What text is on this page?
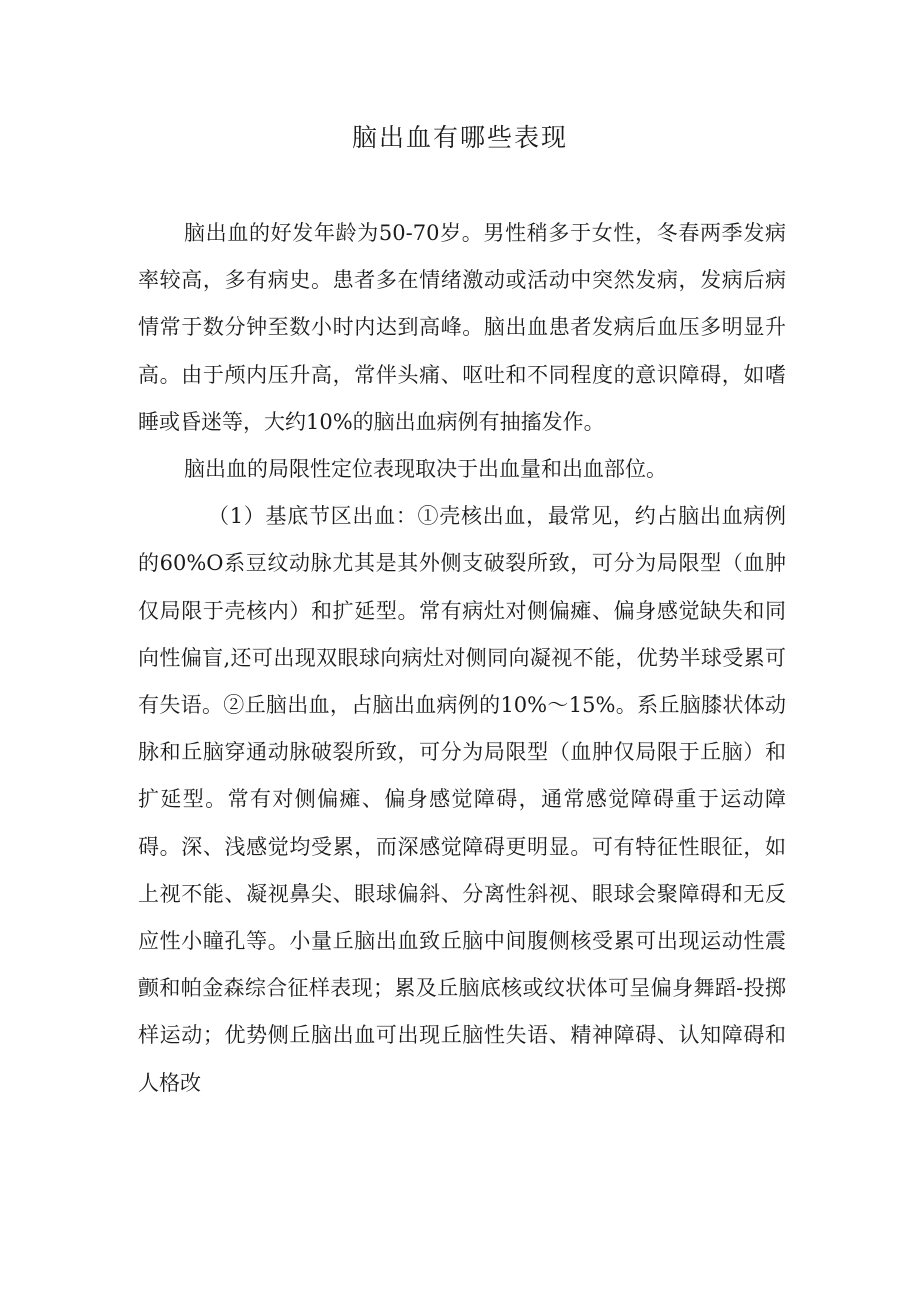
脑出血有哪些表现

脑出血的好发年龄为50-70岁。男性稍多于女性，冬春两季发病率较高，多有病史。患者多在情绪激动或活动中突然发病，发病后病情常于数分钟至数小时内达到高峰。脑出血患者发病后血压多明显升高。由于颅内压升高，常伴头痛、呕吐和不同程度的意识障碍，如嗜睡或昏迷等，大约10%的脑出血病例有抽搐发作。

脑出血的局限性定位表现取决于出血量和出血部位。

（1）基底节区出血：①壳核出血，最常见，约占脑出血病例的60%O系豆纹动脉尤其是其外侧支破裂所致，可分为局限型（血肿仅局限于壳核内）和扩延型。常有病灶对侧偏瘫、偏身感觉缺失和同向性偏盲,还可出现双眼球向病灶对侧同向凝视不能，优势半球受累可有失语。②丘脑出血，占脑出血病例的10%～15%。系丘脑膝状体动脉和丘脑穿通动脉破裂所致，可分为局限型（血肿仅局限于丘脑）和扩延型。常有对侧偏瘫、偏身感觉障碍，通常感觉障碍重于运动障碍。深、浅感觉均受累，而深感觉障碍更明显。可有特征性眼征，如上视不能、凝视鼻尖、眼球偏斜、分离性斜视、眼球会聚障碍和无反应性小瞳孔等。小量丘脑出血致丘脑中间腹侧核受累可出现运动性震颤和帕金森综合征样表现；累及丘脑底核或纹状体可呈偏身舞蹈-投掷样运动；优势侧丘脑出血可出现丘脑性失语、精神障碍、认知障碍和人格改
